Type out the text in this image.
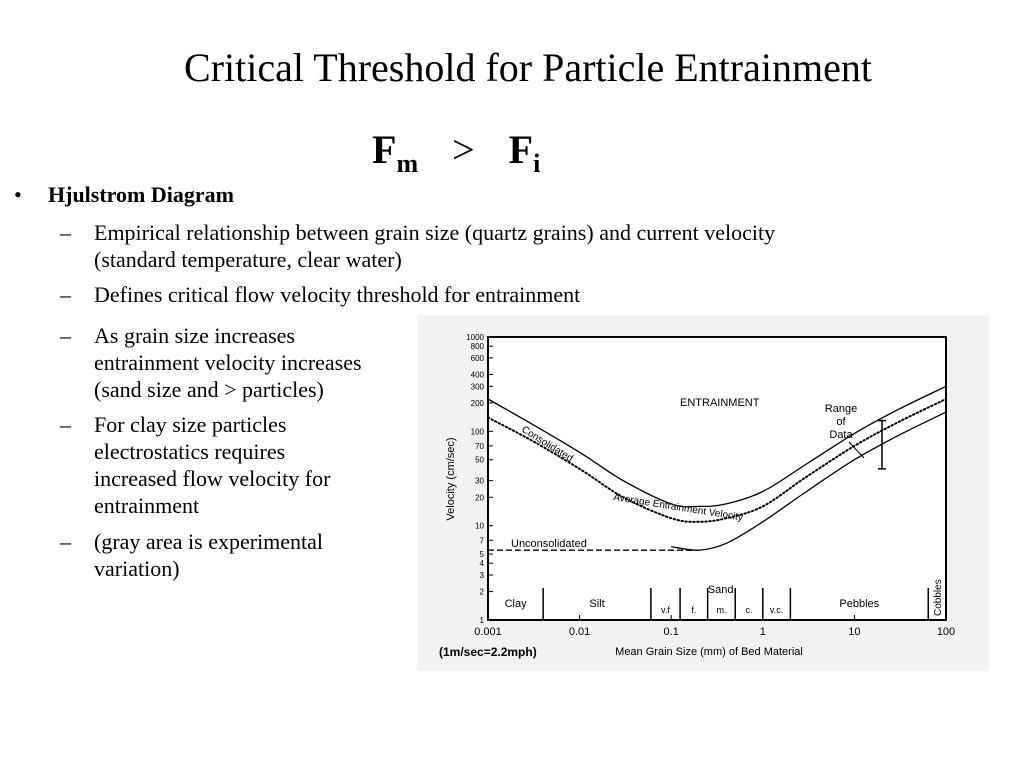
Critical Threshold for Particle Entrainment
$F_m > F_i$
• Hjulstrom Diagram
– Empirical relationship between grain size (quartz grains) and current velocity
(standard temperature, clear water)
– Defines critical flow velocity threshold for entrainment
– As grain size increases
entrainment velocity increases
(sand size and > particles)
– For clay size particles
electrostatics requires
increased flow velocity for
entrainment
– (gray area is experimental
variation)
1
2
3
4
5
7
10
20
30
50
70
100
200
300
400
600
800
1000
0.001	0.01	0.1	1	10	100
Clay	Silt
Sand
Pebbles	Cobbles
v.f f. m. c. v.c.
Velocity (cm/sec)
Mean Grain Size (mm) of Bed Material
(1m/sec=2.2mph)
ENTRAINMENT	Range
of
Data
Consolidated
Average Entrainment Velocity
Unconsolidated
